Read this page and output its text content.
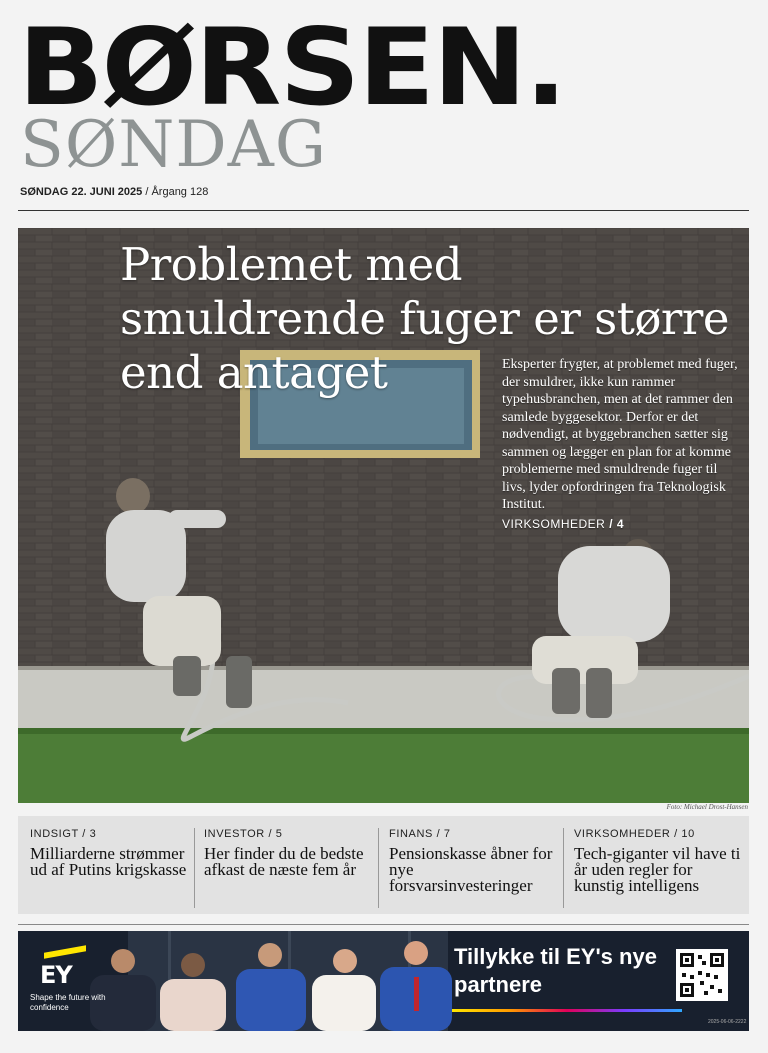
BØRSEN.
SØNDAG
SØNDAG 22. JUNI 2025 / Årgang 128
Problemet med smuldrende fuger er større end antaget	Eksperter frygter, at problemet med fuger, der smuldrer, ikke kun rammer typehusbranchen, men at det rammer den samlede byggesektor. Derfor er det nødvendigt, at byggebranchen sætter sig sammen og lægger en plan for at komme problemerne med smuldrende fuger til livs, lyder opfordringen fra Teknologisk Institut.
VIRKSOMHEDER / 4
Foto: Michael Drost-Hansen
INDSIGT / 3
Milliarderne strømmer ud af Putins krigskasse
INVESTOR / 5
Her finder du de bedste afkast de næste fem år
FINANS / 7
Pensionskasse åbner for nye forsvarsinvesteringer
VIRKSOMHEDER / 10
Tech-giganter vil have ti år uden regler for kunstig intelligens
EY
Shape the future with confidence
Tillykke til EY's nye partnere
2025-06-06-2222
